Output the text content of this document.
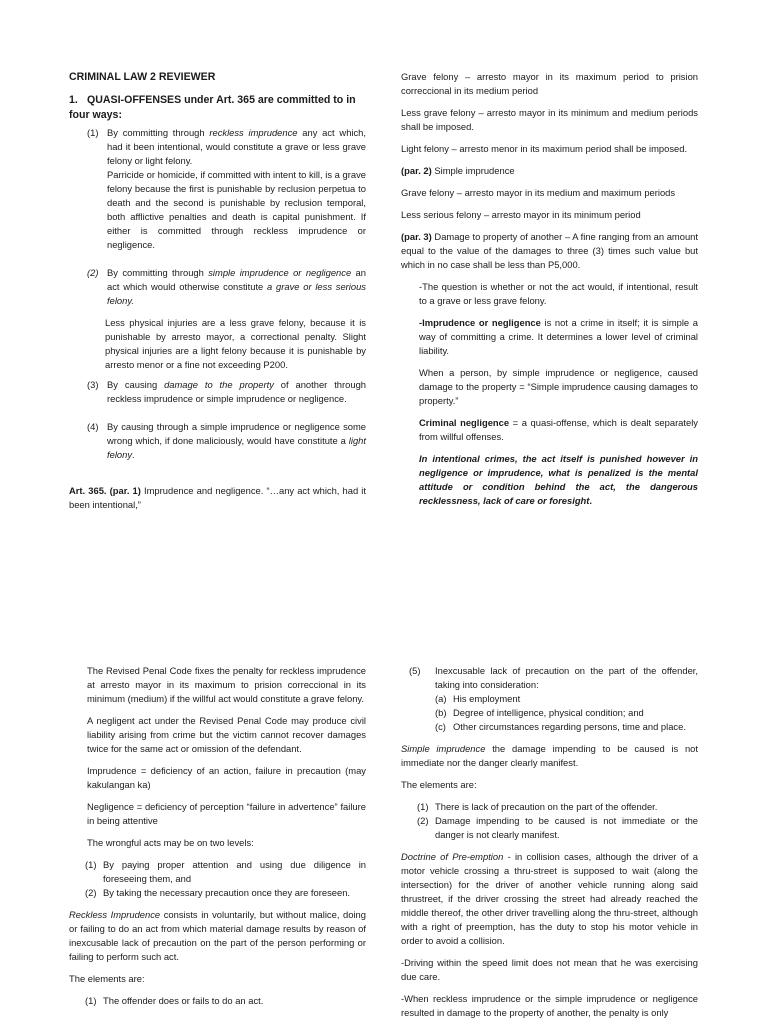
CRIMINAL LAW 2 REVIEWER
1. QUASI-OFFENSES under Art. 365 are committed to in four ways:
(1) By committing through reckless imprudence any act which, had it been intentional, would constitute a grave or less grave felony or light felony.

Parricide or homicide, if committed with intent to kill, is a grave felony because the first is punishable by reclusion perpetua to death and the second is punishable by reclusion temporal, both afflictive penalties and death is capital punishment. If either is committed through reckless imprudence or negligence.

(2) By committing through simple imprudence or negligence an act which would otherwise constitute a grave or less serious felony.

Less physical injuries are a less grave felony, because it is punishable by arresto mayor, a correctional penalty. Slight physical injuries are a light felony because it is punishable by arresto menor or a fine not exceeding P200.

(3) By causing damage to the property of another through reckless imprudence or simple imprudence or negligence.
(4) By causing through a simple imprudence or negligence some wrong which, if done maliciously, would have constitute a light felony.

Art. 365. (par. 1) Imprudence and negligence. “…any act which, had it been intentional,”

Grave felony – arresto mayor in its maximum period to prision correccional in its medium period

Less grave felony – arresto mayor in its minimum and medium periods shall be imposed.

Light felony – arresto menor in its maximum period shall be imposed.

(par. 2) Simple imprudence

Grave felony – arresto mayor in its medium and maximum periods

Less serious felony – arresto mayor in its minimum period

(par. 3) Damage to property of another – A fine ranging from an amount equal to the value of the damages to three (3) times such value but which in no case shall be less than P5,000.

-The question is whether or not the act would, if intentional, result to a grave or less grave felony.

-Imprudence or negligence is not a crime in itself; it is simple a way of committing a crime. It determines a lower level of criminal liability.

When a person, by simple imprudence or negligence, caused damage to the property = “Simple imprudence causing damages to property.”

Criminal negligence = a quasi-offense, which is dealt separately from willful offenses.

In intentional crimes, the act itself is punished however in negligence or imprudence, what is penalized is the mental attitude or condition behind the act, the dangerous recklessness, lack of care or foresight.

The Revised Penal Code fixes the penalty for reckless imprudence at arresto mayor in its maximum to prision correccional in its minimum (medium) if the willful act would constitute a grave felony.

A negligent act under the Revised Penal Code may produce civil liability arising from crime but the victim cannot recover damages twice for the same act or omission of the defendant.

Imprudence = deficiency of an action, failure in precaution (may kakulangan ka)

Negligence = deficiency of perception “failure in advertence” failure in being attentive

The wrongful acts may be on two levels:

(1) By paying proper attention and using due diligence in foreseeing them, and
(2) By taking the necessary precaution once they are foreseen.

Reckless Imprudence consists in voluntarily, but without malice, doing or failing to do an act from which material damage results by reason of inexcusable lack of precaution on the part of the person performing or failing to perform such act.

The elements are:

(1) The offender does or fails to do an act.
(5) Inexcusable lack of precaution on the part of the offender, taking into consideration:
(a) His employment
(b) Degree of intelligence, physical condition; and
(c) Other circumstances regarding persons, time and place.

Simple imprudence the damage impending to be caused is not immediate nor the danger clearly manifest.

The elements are:

(1) There is lack of precaution on the part of the offender.
(2) Damage impending to be caused is not immediate or the danger is not clearly manifest.

Doctrine of Pre-emption - in collision cases, although the driver of a motor vehicle crossing a thru-street is supposed to wait (along the intersection) for the driver of another vehicle running along said thrustreet, if the driver crossing the street had already reached the middle thereof, the other driver travelling along the thru-street, although with a right of preemption, has the duty to stop his motor vehicle in order to avoid a collision.

-Driving within the speed limit does not mean that he was exercising due care.

-When reckless imprudence or the simple imprudence or negligence resulted in damage to the property of another, the penalty is only
